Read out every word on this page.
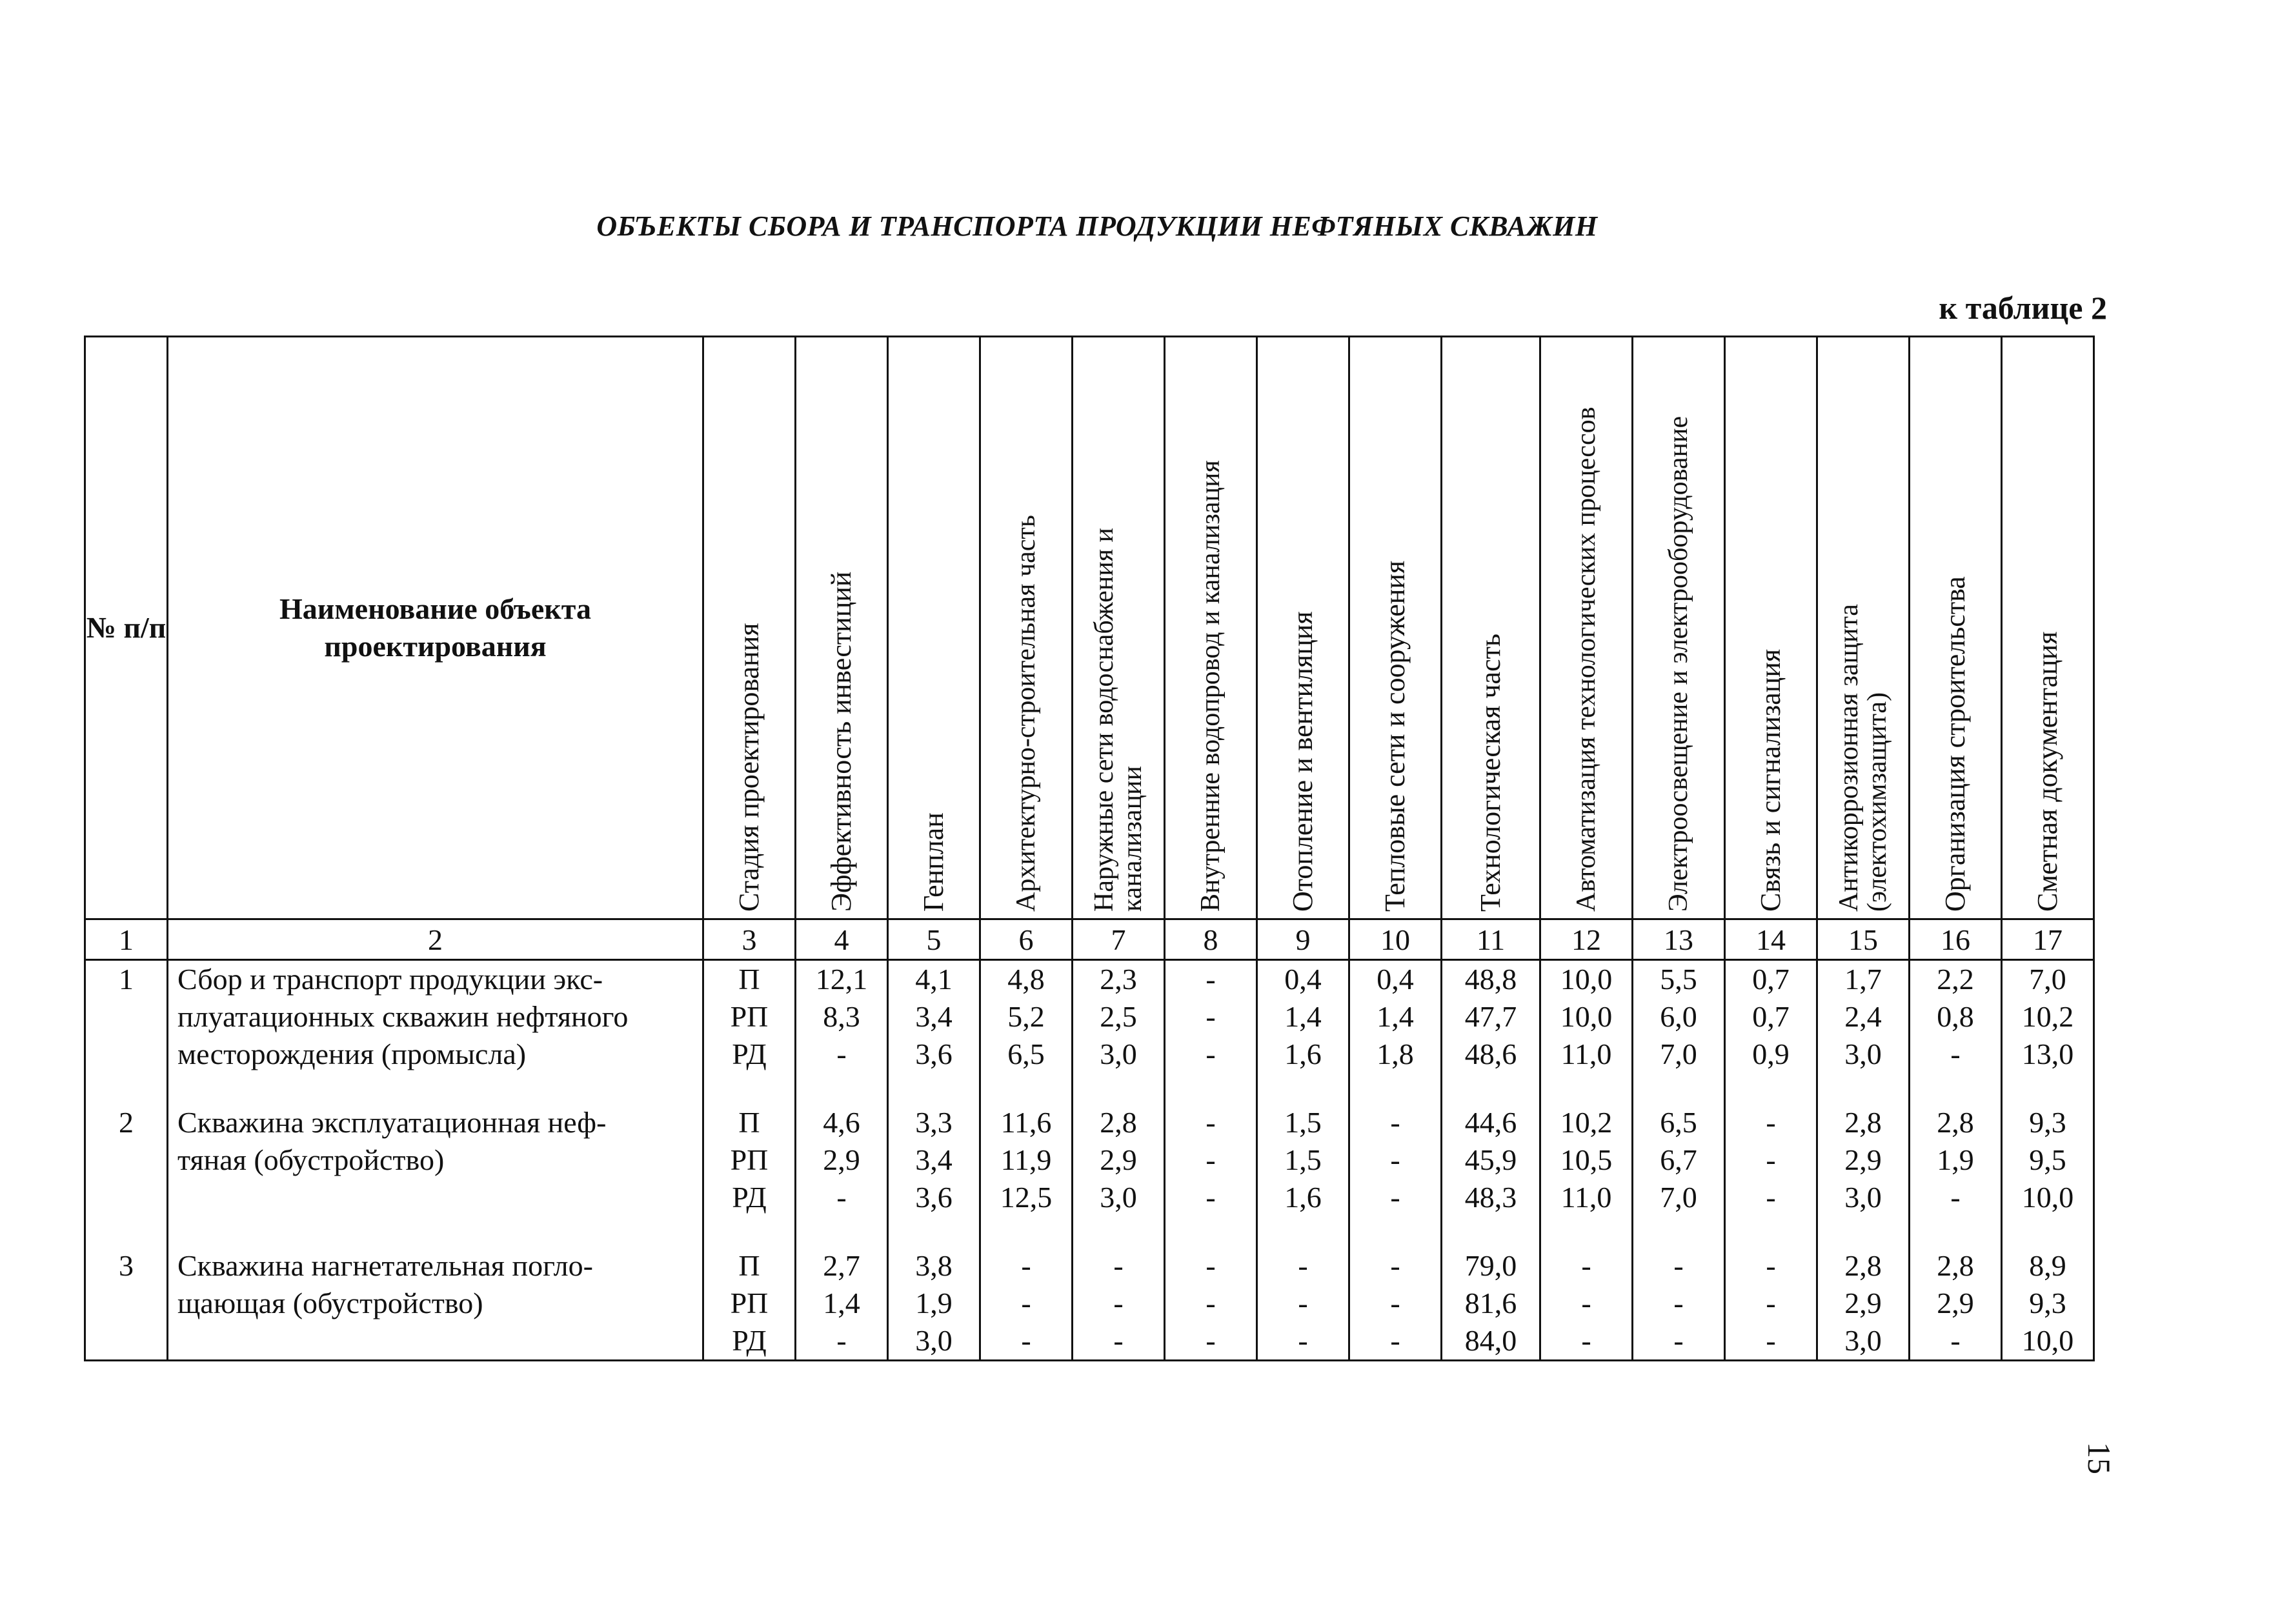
ОБЪЕКТЫ СБОРА И ТРАНСПОРТА ПРОДУКЦИИ НЕФТЯНЫХ СКВАЖИН
к таблице 2
№ п/п	Наименование объекта проектирования	Стадия проектирования	Эффективность инвестиций	Генплан	Архитектурно-строительная часть	Наружные сети водоснабжения и канализации	Внутренние водопровод и канализация	Отопление и вентиляция	Тепловые сети и сооружения	Технологическая часть	Автоматизация технологических процессов	Электроосвещение и электрооборудование	Связь и сигнализация	Антикоррозионная защита (электохимзащита)	Организация строительства	Сметная документация

1	2	3	4	5	6	7	8	9	10	11	12	13	14	15	16	17
1	Сбор и транспорт продукции экс-	П	12,1	4,1	4,8	2,3	-	0,4	0,4	48,8	10,0	5,5	0,7	1,7	2,2	7,0
	плуатационных скважин нефтяного	РП	8,3	3,4	5,2	2,5	-	1,4	1,4	47,7	10,0	6,0	0,7	2,4	0,8	10,2
	месторождения (промысла)	РД	-	3,6	6,5	3,0	-	1,6	1,8	48,6	11,0	7,0	0,9	3,0	-	13,0

2	Скважина эксплуатационная неф-	П	4,6	3,3	11,6	2,8	-	1,5	-	44,6	10,2	6,5	-	2,8	2,8	9,3
	тяная (обустройство)	РП	2,9	3,4	11,9	2,9	-	1,5	-	45,9	10,5	6,7	-	2,9	1,9	9,5
		РД	-	3,6	12,5	3,0	-	1,6	-	48,3	11,0	7,0	-	3,0	-	10,0

3	Скважина нагнетательная погло-	П	2,7	3,8	-	-	-	-	-	79,0	-	-	-	2,8	2,8	8,9
	щающая (обустройство)	РП	1,4	1,9	-	-	-	-	-	81,6	-	-	-	2,9	2,9	9,3
		РД	-	3,0	-	-	-	-	-	84,0	-	-	-	3,0	-	10,0
15
